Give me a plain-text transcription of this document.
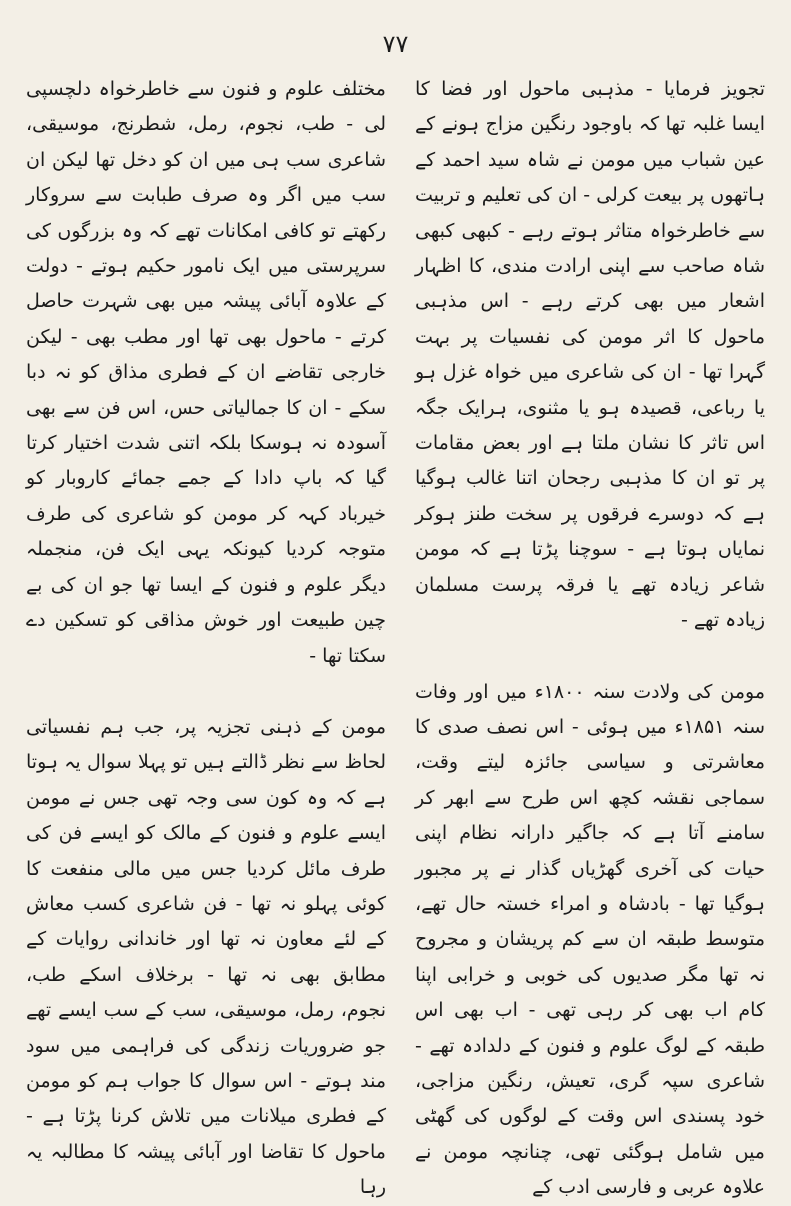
۷۷

تجویز فرمایا - مذہبی ماحول اور فضا کا ایسا غلبہ تھا کہ باوجود رنگین مزاج ہونے کے عین شباب میں مومن نے شاہ سید احمد کے ہاتھوں پر بیعت کرلی - ان کی تعلیم و تربیت سے خاطرخواہ متاثر ہوتے رہے - کبھی کبھی شاہ صاحب سے اپنی ارادت مندی، کا اظہار اشعار میں بھی کرتے رہے - اس مذہبی ماحول کا اثر مومن کی نفسیات پر بہت گہرا تھا - ان کی شاعری میں خواہ غزل ہو یا رباعی، قصیدہ ہو یا مثنوی، ہرایک جگہ اس تاثر کا نشان ملتا ہے اور بعض مقامات پر تو ان کا مذہبی رجحان اتنا غالب ہوگیا ہے کہ دوسرے فرقوں پر سخت طنز ہوکر نمایاں ہوتا ہے - سوچنا پڑتا ہے کہ مومن شاعر زیادہ تھے یا فرقہ پرست مسلمان زیادہ تھے -

مومن کی ولادت سنہ ۱۸۰۰ء میں اور وفات سنہ ۱۸۵۱ء میں ہوئی - اس نصف صدی کا معاشرتی و سیاسی جائزہ لیتے وقت، سماجی نقشہ کچھ اس طرح سے ابھر کر سامنے آتا ہے کہ جاگیر دارانہ نظام اپنی حیات کی آخری گھڑیاں گذار نے پر مجبور ہوگیا تھا - بادشاہ و امراء خستہ حال تھے، متوسط طبقہ ان سے کم پریشان و مجروح نہ تھا مگر صدیوں کی خوبی و خرابی اپنا کام اب بھی کر رہی تھی - اب بھی اس طبقہ کے لوگ علوم و فنون کے دلدادہ تھے - شاعری سپہ گری، تعیش، رنگین مزاجی، خود پسندی اس وقت کے لوگوں کی گھٹی میں شامل ہوگئی تھی، چنانچہ مومن نے علاوہ عربی و فارسی ادب کے

مختلف علوم و فنون سے خاطرخواہ دلچسپی لی - طب، نجوم، رمل، شطرنج، موسیقی، شاعری سب ہی میں ان کو دخل تھا لیکن ان سب میں اگر وہ صرف طبابت سے سروکار رکھتے تو کافی امکانات تھے کہ وہ بزرگوں کی سرپرستی میں ایک نامور حکیم ہوتے - دولت کے علاوہ آبائی پیشہ میں بھی شہرت حاصل کرتے - ماحول بھی تھا اور مطب بھی - لیکن خارجی تقاضے ان کے فطری مذاق کو نہ دبا سکے - ان کا جمالیاتی حس، اس فن سے بھی آسودہ نہ ہوسکا بلکہ اتنی شدت اختیار کرتا گیا کہ باپ دادا کے جمے جمائے کاروبار کو خیرباد کہہ کر مومن کو شاعری کی طرف متوجہ کردیا کیونکہ یہی ایک فن، منجملہ دیگر علوم و فنون کے ایسا تھا جو ان کی بے چین طبیعت اور خوش مذاقی کو تسکین دے سکتا تھا -

مومن کے ذہنی تجزیہ پر، جب ہم نفسیاتی لحاظ سے نظر ڈالتے ہیں تو پہلا سوال یہ ہوتا ہے کہ وہ کون سی وجہ تھی جس نے مومن ایسے علوم و فنون کے مالک کو ایسے فن کی طرف مائل کردیا جس میں مالی منفعت کا کوئی پہلو نہ تھا - فن شاعری کسب معاش کے لئے معاون نہ تھا اور خاندانی روایات کے مطابق بھی نہ تھا - برخلاف اسکے طب، نجوم، رمل، موسیقی، سب کے سب ایسے تھے جو ضروریات زندگی کی فراہمی میں سود مند ہوتے - اس سوال کا جواب ہم کو مومن کے فطری میلانات میں تلاش کرنا پڑتا ہے - ماحول کا تقاضا اور آبائی پیشہ کا مطالبہ یہ رہا
